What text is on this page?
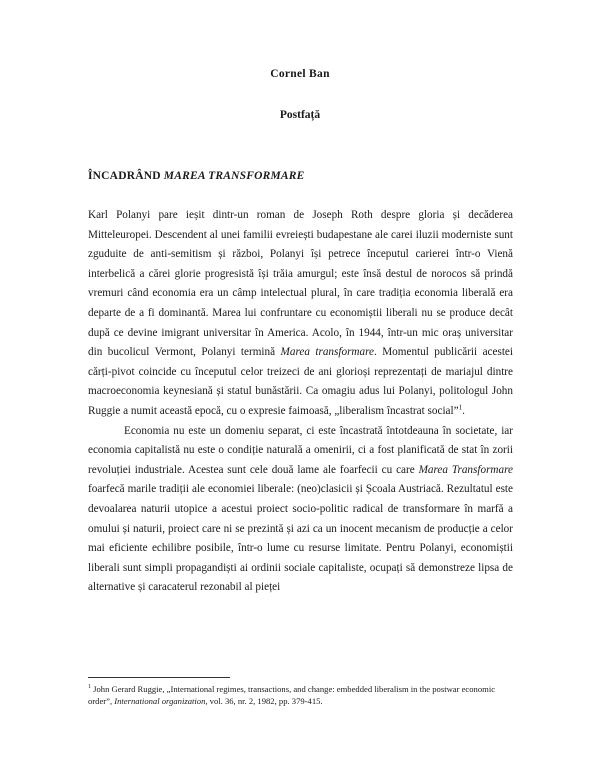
Cornel Ban
Postfață
ÎNCADRÂND MAREA TRANSFORMARE

Karl Polanyi pare ieșit dintr-un roman de Joseph Roth despre gloria și decăderea Mitteleuropei. Descendent al unei familii evreiești budapestane ale carei iluzii moderniste sunt zguduite de anti-semitism și război, Polanyi își petrece începutul carierei într-o Vienă interbelică a cărei glorie progresistă își trăia amurgul; este însă destul de norocos să prindă vremuri când economia era un câmp intelectual plural, în care tradiția economia liberală era departe de a fi dominantă. Marea lui confruntare cu economiștii liberali nu se produce decât după ce devine imigrant universitar în America. Acolo, în 1944, într-un mic oraș universitar din bucolicul Vermont, Polanyi termină Marea transformare. Momentul publicării acestei cărți-pivot coincide cu începutul celor treizeci de ani glorioși reprezentați de mariajul dintre macroeconomia keynesiană și statul bunăstării. Ca omagiu adus lui Polanyi, politologul John Ruggie a numit această epocă, cu o expresie faimoasă, „liberalism încastrat social”$^1$.

Economia nu este un domeniu separat, ci este încastrată întotdeauna în societate, iar economia capitalistă nu este o condiție naturală a omenirii, ci a fost planificată de stat în zorii revoluției industriale. Acestea sunt cele două lame ale foarfecii cu care Marea Transformare foarfecă marile tradiții ale economiei liberale: (neo)clasicii și Școala Austriacă. Rezultatul este devoalarea naturii utopice a acestui proiect socio-politic radical de transformare în marfă a omului și naturii, proiect care ni se prezintă și azi ca un inocent mecanism de producție a celor mai eficiente echilibre posibile, într-o lume cu resurse limitate. Pentru Polanyi, economiștii liberali sunt simpli propagandiști ai ordinii sociale capitaliste, ocupați să demonstreze lipsa de alternative și caracaterul rezonabil al pieței

$^1$ John Gerard Ruggie, „International regimes, transactions, and change: embedded liberalism in the postwar economic order”, International organization, vol. 36, nr. 2, 1982, pp. 379-415.
